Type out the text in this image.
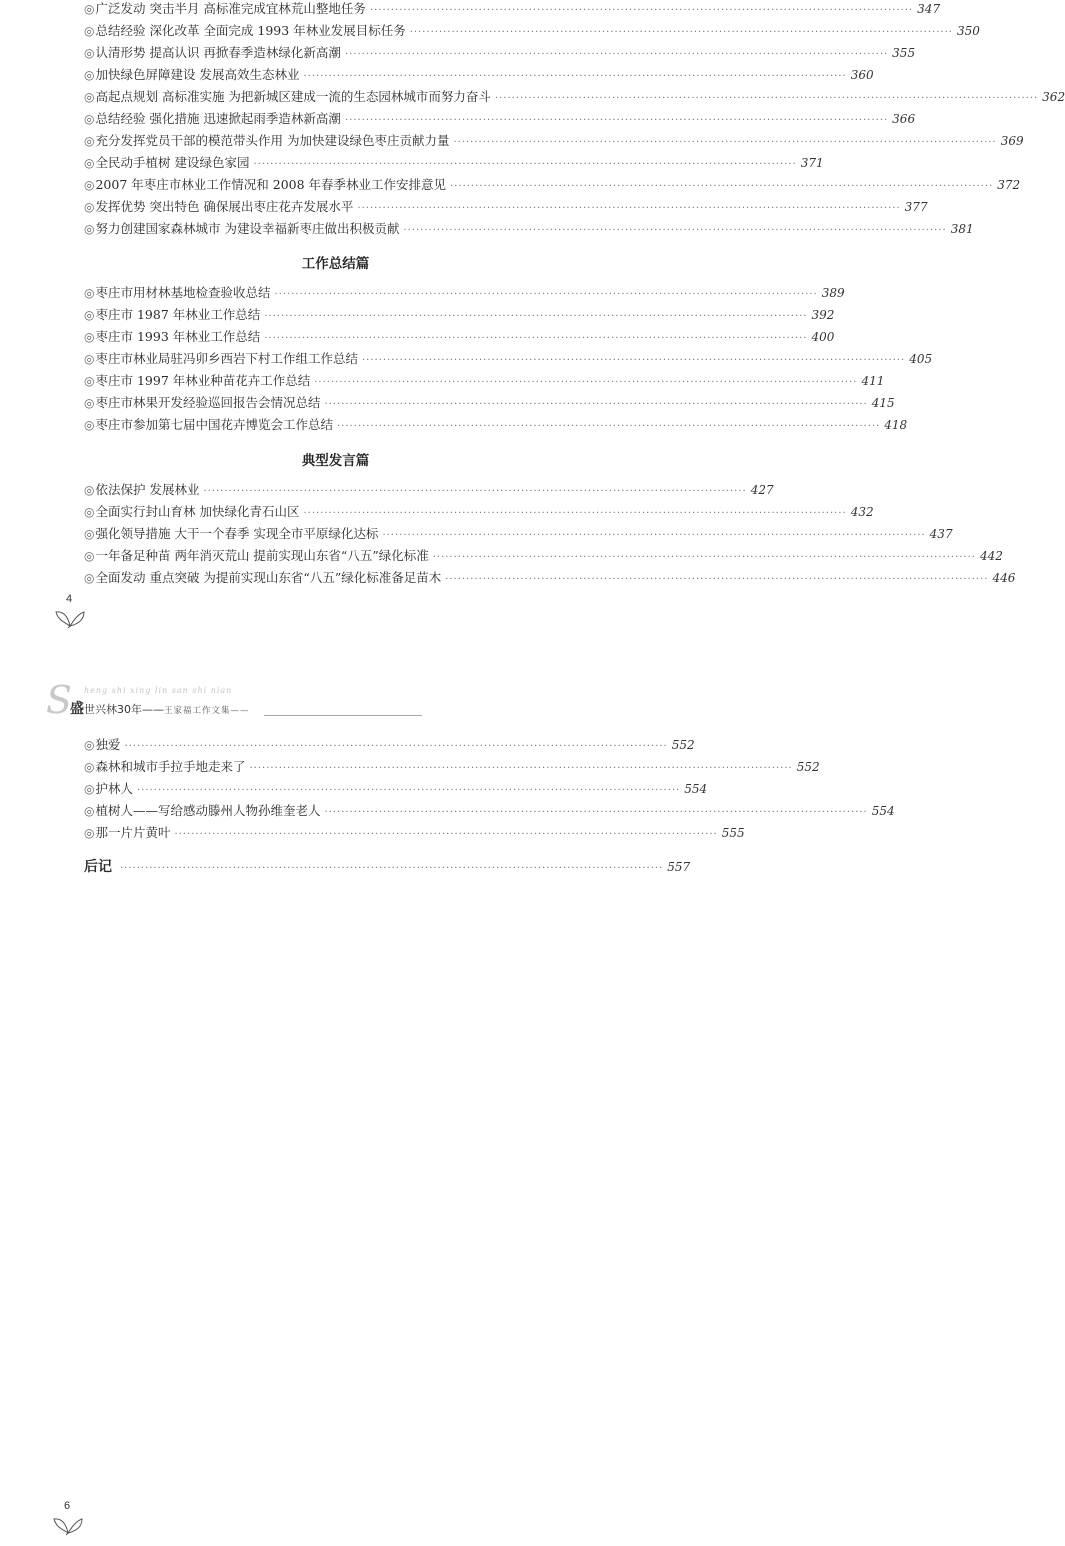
◎ 广泛发动 突击半月 高标准完成宜林荒山整地任务 ·····	347
◎ 总结经验 深化改革 全面完成 1993 年林业发展目标任务 ·····	350
◎ 认清形势 提高认识 再掀春季造林绿化新高潮 ·····	355
◎ 加快绿色屏障建设 发展高效生态林业 ·····	360
◎ 高起点规划 高标准实施 为把新城区建成一流的生态园林城市而努力奋斗 ·····	362
◎ 总结经验 强化措施 迅速掀起雨季造林新高潮 ·····	366
◎ 充分发挥党员干部的模范带头作用 为加快建设绿色枣庄贡献力量 ·····	369
◎ 全民动手植树 建设绿色家园 ·····	371
◎ 2007 年枣庄市林业工作情况和 2008 年春季林业工作安排意见 ·····	372
◎ 发挥优势 突出特色 确保展出枣庄花卉发展水平 ·····	377
◎ 努力创建国家森林城市 为建设幸福新枣庄做出积极贡献 ·····	381
工作总结篇
◎ 枣庄市用材林基地检查验收总结 ·····	389
◎ 枣庄市 1987 年林业工作总结 ·····	392
◎ 枣庄市 1993 年林业工作总结 ·····	400
◎ 枣庄市林业局驻冯卯乡西岩下村工作组工作总结 ·····	405
◎ 枣庄市 1997 年林业种苗花卉工作总结 ·····	411
◎ 枣庄市林果开发经验巡回报告会情况总结 ·····	415
◎ 枣庄市参加第七届中国花卉博览会工作总结 ·····	418
典型发言篇
◎ 依法保护 发展林业 ·····	427
◎ 全面实行封山育林 加快绿化青石山区 ·····	432
◎ 强化领导措施 大干一个春季 实现全市平原绿化达标 ·····	437
◎ 一年备足种苗 两年消灭荒山 提前实现山东省“八五”绿化标准 ·····	442
◎ 全面发动 重点突破 为提前实现山东省“八五”绿化标准备足苗木 ·····	446
4
S heng shi xing lin san shi nian
盛世兴林30年——王家福工作文集——
◎ 独爱 ·····	552
◎ 森林和城市手拉手地走来了 ·····	552
◎ 护林人 ·····	554
◎ 植树人——写给感动滕州人物孙维奎老人 ·····	554
◎ 那一片片黄叶 ·····	555
后记 ·····	557
6
